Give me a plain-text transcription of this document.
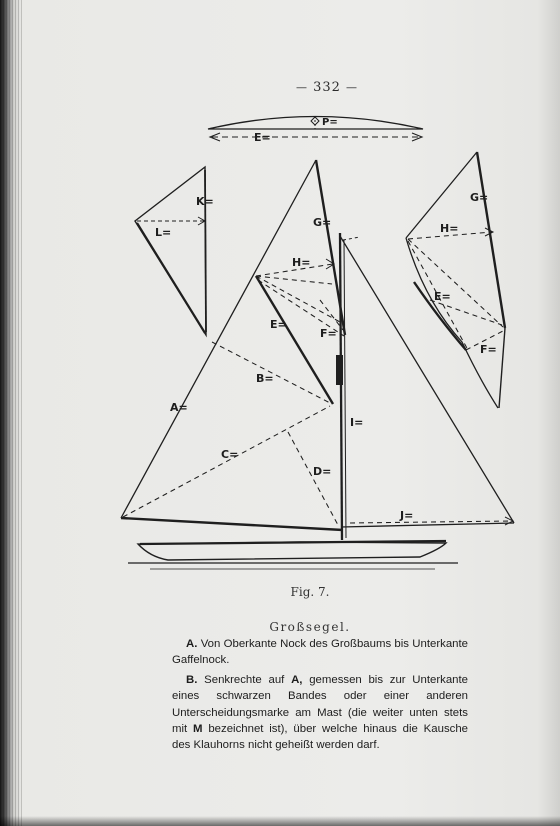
— 332 —
P=
E=
K=
L=
G=
H=
E=
F=
B=
A=
I=
C=
D=
J=
G=
H=
E=
F=
Fig. 7.
Großsegel.

A. Von Oberkante Nock des Großbaums bis Unterkante Gaffelnock.

B. Senkrechte auf A, gemessen bis zur Unterkante eines schwarzen Bandes oder einer anderen Unterscheidungsmarke am Mast (die weiter unten stets mit M bezeichnet ist), über welche hinaus die Kausche des Klauhorns nicht geheißt werden darf.
